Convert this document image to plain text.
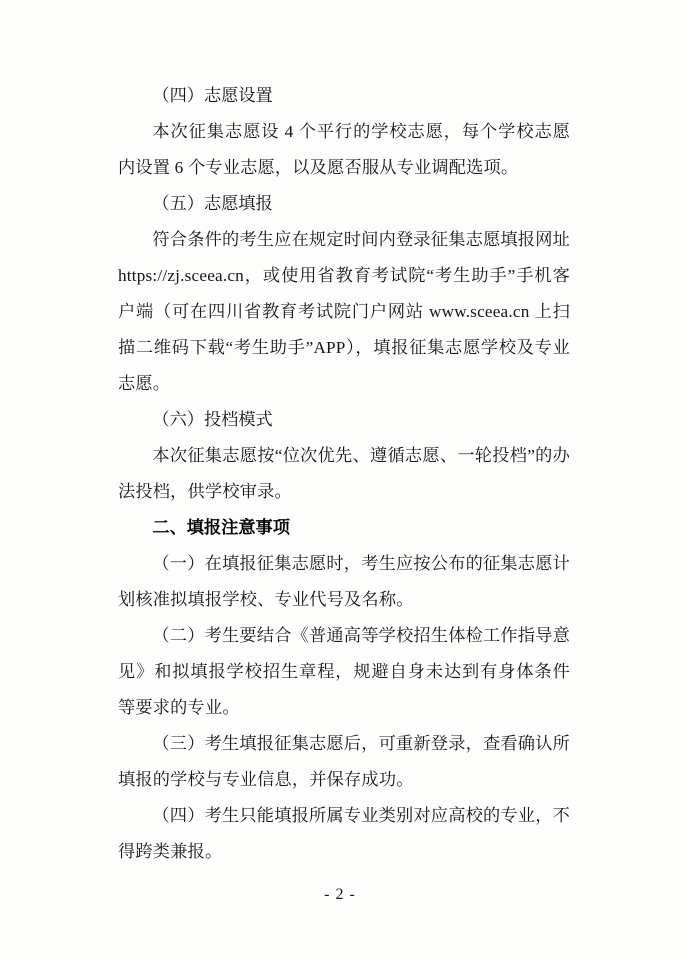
（四）志愿设置

本次征集志愿设 4 个平行的学校志愿，每个学校志愿内设置 6 个专业志愿，以及愿否服从专业调配选项。

（五）志愿填报

符合条件的考生应在规定时间内登录征集志愿填报网址 https://zj.sceea.cn，或使用省教育考试院“考生助手”手机客户端（可在四川省教育考试院门户网站 www.sceea.cn 上扫描二维码下载“考生助手”APP），填报征集志愿学校及专业志愿。

（六）投档模式

本次征集志愿按“位次优先、遵循志愿、一轮投档”的办法投档，供学校审录。

二、填报注意事项

（一）在填报征集志愿时，考生应按公布的征集志愿计划核准拟填报学校、专业代号及名称。

（二）考生要结合《普通高等学校招生体检工作指导意见》和拟填报学校招生章程，规避自身未达到有身体条件等要求的专业。

（三）考生填报征集志愿后，可重新登录，查看确认所填报的学校与专业信息，并保存成功。

（四）考生只能填报所属专业类别对应高校的专业，不得跨类兼报。

- 2 -
